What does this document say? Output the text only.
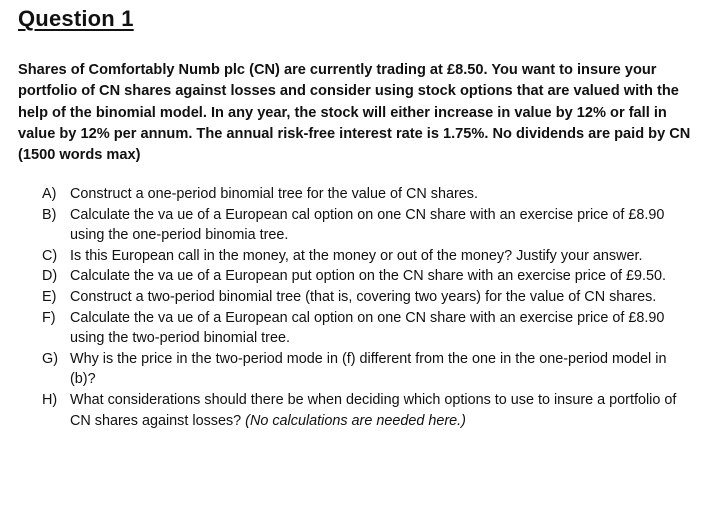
Question 1
Shares of Comfortably Numb plc (CN) are currently trading at £8.50. You want to insure your portfolio of CN shares against losses and consider using stock options that are valued with the help of the binomial model. In any year, the stock will either increase in value by 12% or fall in value by 12% per annum. The annual risk-free interest rate is 1.75%. No dividends are paid by CN (1500 words max)
A) Construct a one-period binomial tree for the value of CN shares.
B) Calculate the va ue of a European cal option on one CN share with an exercise price of £8.90 using the one-period binomia tree.
C) Is this European call in the money, at the money or out of the money? Justify your answer.
D) Calculate the va ue of a European put option on the CN share with an exercise price of £9.50.
E) Construct a two-period binomial tree (that is, covering two years) for the value of CN shares.
F) Calculate the va ue of a European cal option on one CN share with an exercise price of £8.90 using the two-period binomial tree.
G) Why is the price in the two-period mode in (f) different from the one in the one-period model in (b)?
H) What considerations should there be when deciding which options to use to insure a portfolio of CN shares against losses? (No calculations are needed here.)
